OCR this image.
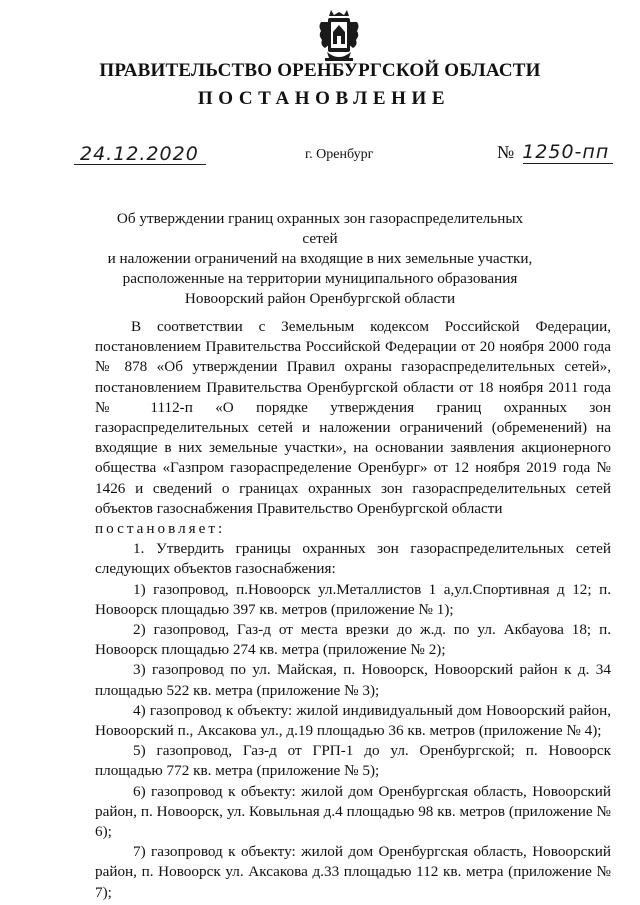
ПРАВИТЕЛЬСТВО ОРЕНБУРГСКОЙ ОБЛАСТИ
ПОСТАНОВЛЕНИЕ
24.12.2020	г. Оренбург	№ 1250-пп
Об утверждении границ охранных зон газораспределительных сетей
и наложении ограничений на входящие в них земельные участки,
расположенные на территории муниципального образования
Новоорский район Оренбургской области

В соответствии с Земельным кодексом Российской Федерации, постановлением Правительства Российской Федерации от 20 ноября 2000 года № 878 «Об утверждении Правил охраны газораспределительных сетей», постановлением Правительства Оренбургской области от 18 ноября 2011 года № 1112-п «О порядке утверждения границ охранных зон газораспределительных сетей и наложении ограничений (обременений) на входящие в них земельные участки», на основании заявления акционерного общества «Газпром газораспределение Оренбург» от 12 ноября 2019 года № 1426 и сведений о границах охранных зон газораспределительных сетей объектов газоснабжения Правительство Оренбургской области

постановляет:

1. Утвердить границы охранных зон газораспределительных сетей следующих объектов газоснабжения:

1) газопровод, п.Новоорск ул.Металлистов 1 а,ул.Спортивная д 12; п. Новоорск площадью 397 кв. метров (приложение № 1);

2) газопровод, Газ-д от места врезки до ж.д. по ул. Акбауова 18; п. Новоорск площадью 274 кв. метра (приложение № 2);

3) газопровод по ул. Майская, п. Новоорск, Новоорский район к д. 34 площадью 522 кв. метра (приложение № 3);

4) газопровод к объекту: жилой индивидуальный дом Новоорский район, Новоорский п., Аксакова ул., д.19 площадью 36 кв. метров (приложение № 4);

5) газопровод, Газ-д от ГРП-1 до ул. Оренбургской; п. Новоорск площадью 772 кв. метра (приложение № 5);

6) газопровод к объекту: жилой дом Оренбургская область, Новоорский район, п. Новоорск, ул. Ковыльная д.4 площадью 98 кв. метров (приложение № 6);

7) газопровод к объекту: жилой дом Оренбургская область, Новоорский район, п. Новоорск ул. Аксакова д.33 площадью 112 кв. метра (приложение № 7);
